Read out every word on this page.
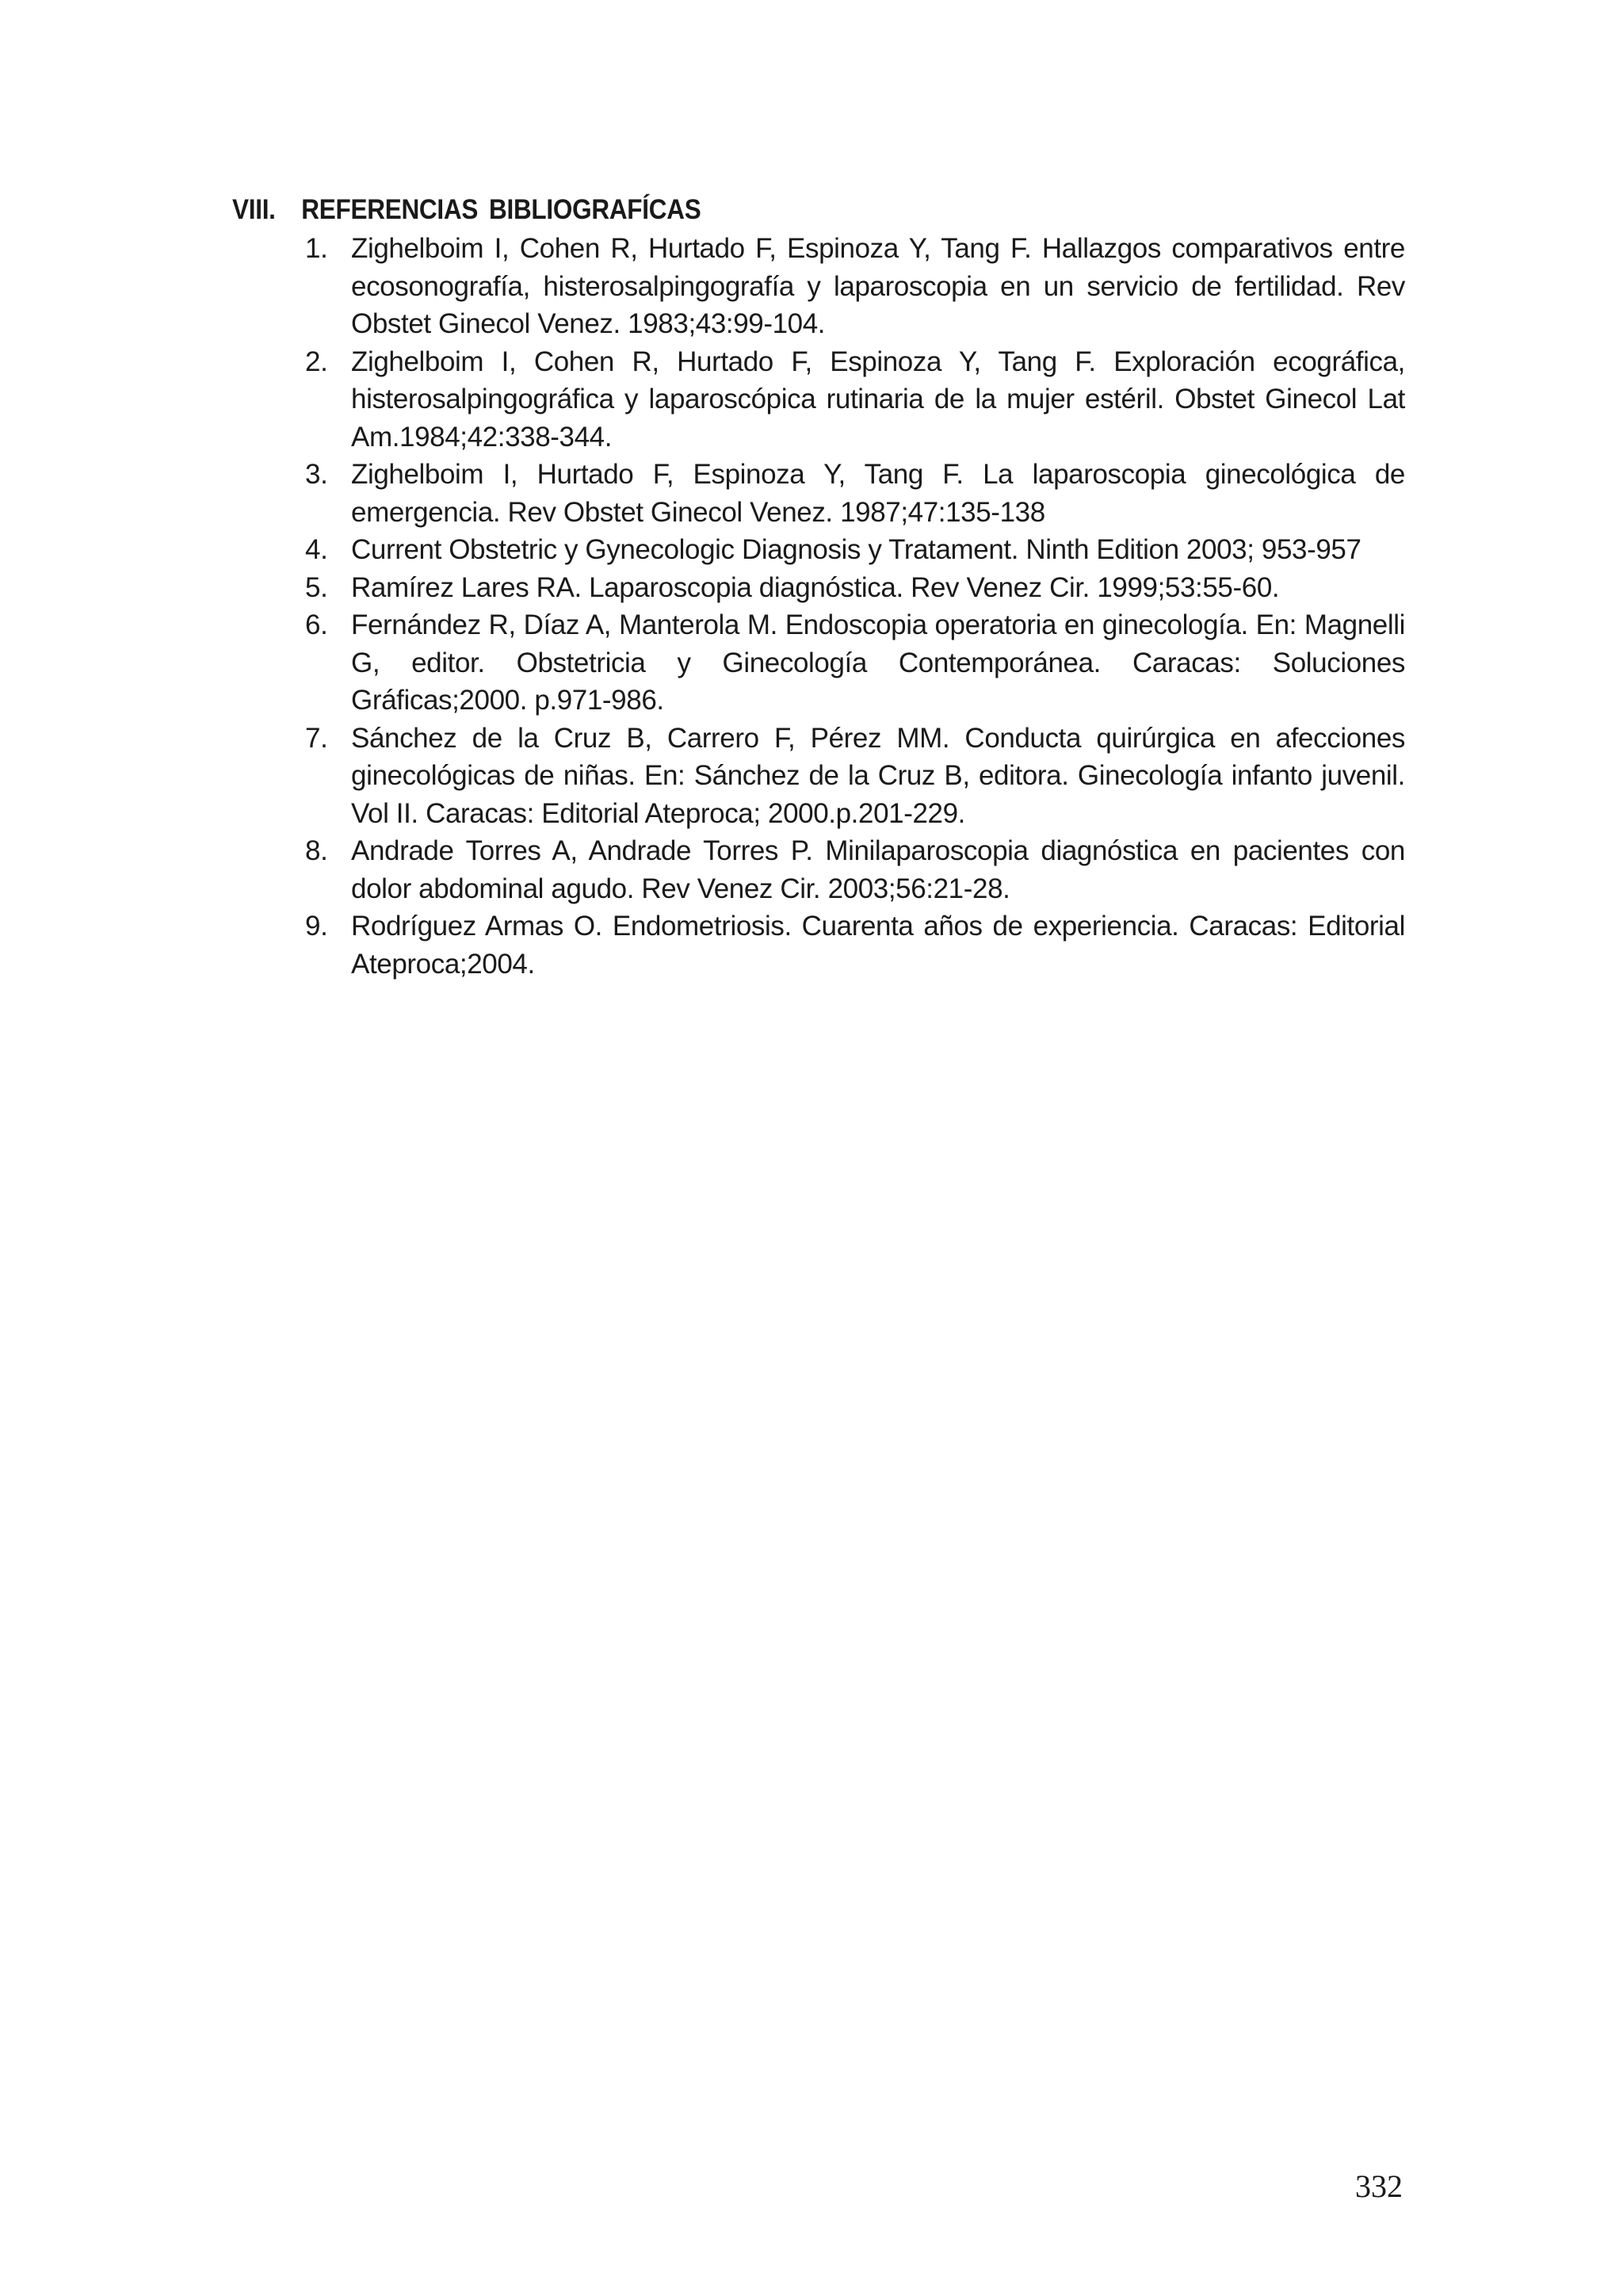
VIII. REFERENCIAS BIBLIOGRAFÍCAS
1. Zighelboim I, Cohen R, Hurtado F, Espinoza Y, Tang F. Hallazgos comparativos entre ecosonografía, histerosalpingografía y laparoscopia en un servicio de fertilidad. Rev Obstet Ginecol Venez. 1983;43:99-104.
2. Zighelboim I, Cohen R, Hurtado F, Espinoza Y, Tang F. Exploración ecográfica, histerosalpingográfica y laparoscópica rutinaria de la mujer estéril. Obstet Ginecol Lat Am.1984;42:338-344.
3. Zighelboim I, Hurtado F, Espinoza Y, Tang F. La laparoscopia ginecológica de emergencia. Rev Obstet Ginecol Venez. 1987;47:135-138
4. Current Obstetric y Gynecologic Diagnosis y Tratament. Ninth Edition 2003; 953-957
5. Ramírez Lares RA. Laparoscopia diagnóstica. Rev Venez Cir. 1999;53:55-60.
6. Fernández R, Díaz A, Manterola M. Endoscopia operatoria en ginecología. En: Magnelli G, editor. Obstetricia y Ginecología Contemporánea. Caracas: Soluciones Gráficas;2000. p.971-986.
7. Sánchez de la Cruz B, Carrero F, Pérez MM. Conducta quirúrgica en afecciones ginecológicas de niñas. En: Sánchez de la Cruz B, editora. Ginecología infanto juvenil. Vol II. Caracas: Editorial Ateproca; 2000.p.201-229.
8. Andrade Torres A, Andrade Torres P. Minilaparoscopia diagnóstica en pacientes con dolor abdominal agudo. Rev Venez Cir. 2003;56:21-28.
9. Rodríguez Armas O. Endometriosis. Cuarenta años de experiencia. Caracas: Editorial Ateproca;2004.
332
